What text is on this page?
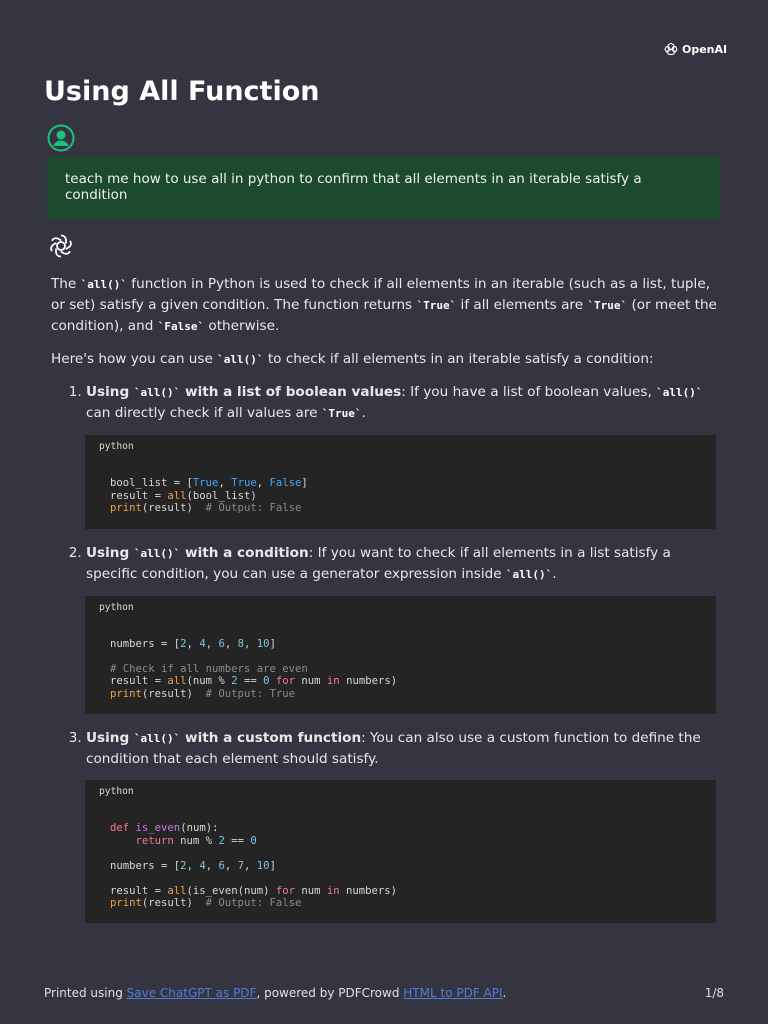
OpenAI
Using All Function
teach me how to use all in python to confirm that all elements in an iterable satisfy a condition

The `all()` function in Python is used to check if all elements in an iterable (such as a list, tuple, or set) satisfy a given condition. The function returns `True` if all elements are `True` (or meet the condition), and `False` otherwise.

Here's how you can use `all()` to check if all elements in an iterable satisfy a condition:

1. Using `all()` with a list of boolean values: If you have a list of boolean values, `all()` can directly check if all values are `True`.
python
bool_list = [True, True, False]
result = all(bool_list)
print(result)  # Output: False
2. Using `all()` with a condition: If you want to check if all elements in a list satisfy a specific condition, you can use a generator expression inside `all()`.
python
numbers = [2, 4, 6, 8, 10]

# Check if all numbers are even
result = all(num % 2 == 0 for num in numbers)
print(result)  # Output: True
3. Using `all()` with a custom function: You can also use a custom function to define the condition that each element should satisfy.
python
def is_even(num):
return num % 2 == 0

numbers = [2, 4, 6, 7, 10]

result = all(is_even(num) for num in numbers)
print(result)  # Output: False
Printed using Save ChatGPT as PDF, powered by PDFCrowd HTML to PDF API.	1/8
